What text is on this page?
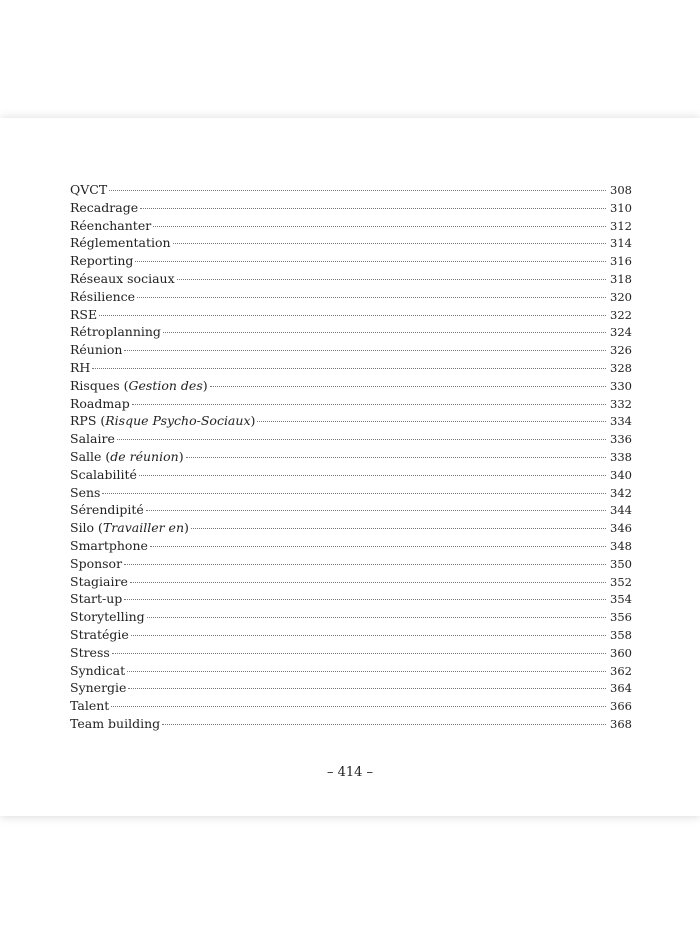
QVCT	308
Recadrage	310
Réenchanter	312
Réglementation	314
Reporting	316
Réseaux sociaux	318
Résilience	320
RSE	322
Rétroplanning	324
Réunion	326
RH	328
Risques (Gestion des)	330
Roadmap	332
RPS (Risque Psycho-Sociaux)	334
Salaire	336
Salle (de réunion)	338
Scalabilité	340
Sens	342
Sérendipité	344
Silo (Travailler en)	346
Smartphone	348
Sponsor	350
Stagiaire	352
Start-up	354
Storytelling	356
Stratégie	358
Stress	360
Syndicat	362
Synergie	364
Talent	366
Team building	368
– 414 –
